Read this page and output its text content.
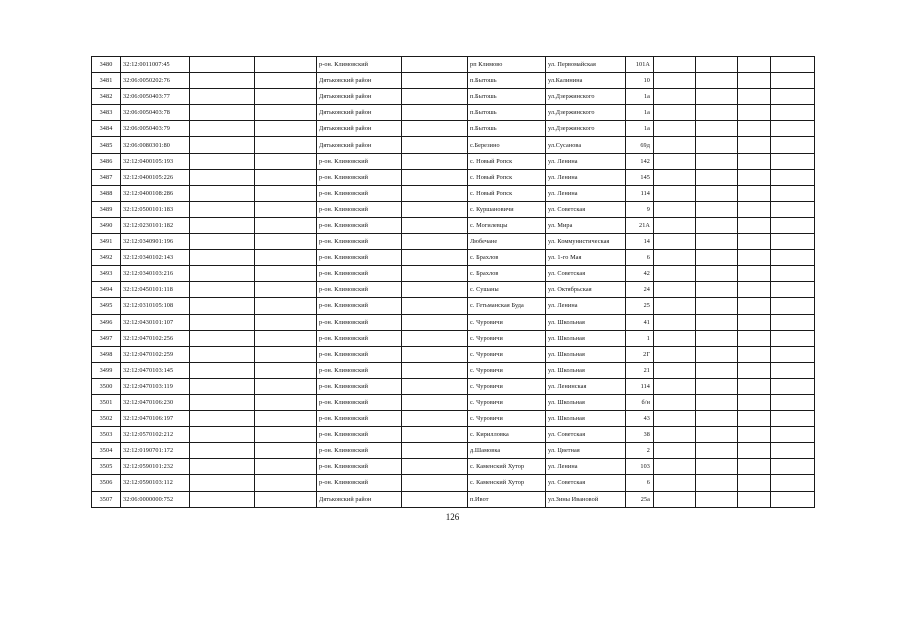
3480	32:12:0011007:45			р-он. Климовский		рп Климово	ул. Первомайская	101А				
3481	32:06:0050202:76			Дятьковский район		п.Бытошь	ул.Калинина	10				
3482	32:06:0050403:77			Дятьковский район		п.Бытошь	ул.Дзержинского	1а				
3483	32:06:0050403:78			Дятьковский район		п.Бытошь	ул.Дзержинского	1а				
3484	32:06:0050403:79			Дятьковский район		п.Бытошь	ул.Дзержинского	1а				
3485	32:06:0080301:80			Дятьковский район		с.Березино	ул.Сусанова	69д				
3486	32:12:0400105:193			р-он. Климовский		с. Новый Ропск	ул. Ленина	142				
3487	32:12:0400105:226			р-он. Климовский		с. Новый Ропск	ул. Ленина	145				
3488	32:12:0400108:286			р-он. Климовский		с. Новый Ропск	ул. Ленина	114				
3489	32:12:0500101:183			р-он. Климовский		с. Куршановичи	ул. Советская	9				
3490	32:12:0230101:182			р-он. Климовский		с. Могилевцы	ул. Мира	21А				
3491	32:12:0340901:196			р-он. Климовский		Любечане	ул. Коммунистическая	14				
3492	32:12:0340102:143			р-он. Климовский		с. Брахлов	ул. 1-го Мая	6				
3493	32:12:0340103:216			р-он. Климовский		с. Брахлов	ул. Советская	42				
3494	32:12:0450101:118			р-он. Климовский		с. Сушаны	ул. Октябрьская	24				
3495	32:12:0310105:108			р-он. Климовский		с. Гетьманская Буда	ул. Ленина	25				
3496	32:12:0430101:107			р-он. Климовский		с. Чуровичи	ул. Школьная	41				
3497	32:12:0470102:256			р-он. Климовский		с. Чуровичи	ул. Школьная	1				
3498	32:12:0470102:259			р-он. Климовский		с. Чуровичи	ул. Школьная	2Г				
3499	32:12:0470103:145			р-он. Климовский		с. Чуровичи	ул. Школьная	21				
3500	32:12:0470103:119			р-он. Климовский		с. Чуровичи	ул. Ленинская	114				
3501	32:12:0470106:230			р-он. Климовский		с. Чуровичи	ул. Школьная	б/н				
3502	32:12:0470106:197			р-он. Климовский		с. Чуровичи	ул. Школьная	43				
3503	32:12:0570102:212			р-он. Климовский		с. Кирилловка	ул. Советская	38				
3504	32:12:0190701:172			р-он. Климовский		д.Шамовка	ул. Цветная	2				
3505	32:12:0590101:232			р-он. Климовский		с. Каменский Хутор	ул. Ленина	103				
3506	32:12:0590103:112			р-он. Климовский		с. Каменский Хутор	ул. Советская	6				
3507	32:06:0000000:752			Дятьковский район		п.Ивот	ул.Зины Ивановой	25а				
126
